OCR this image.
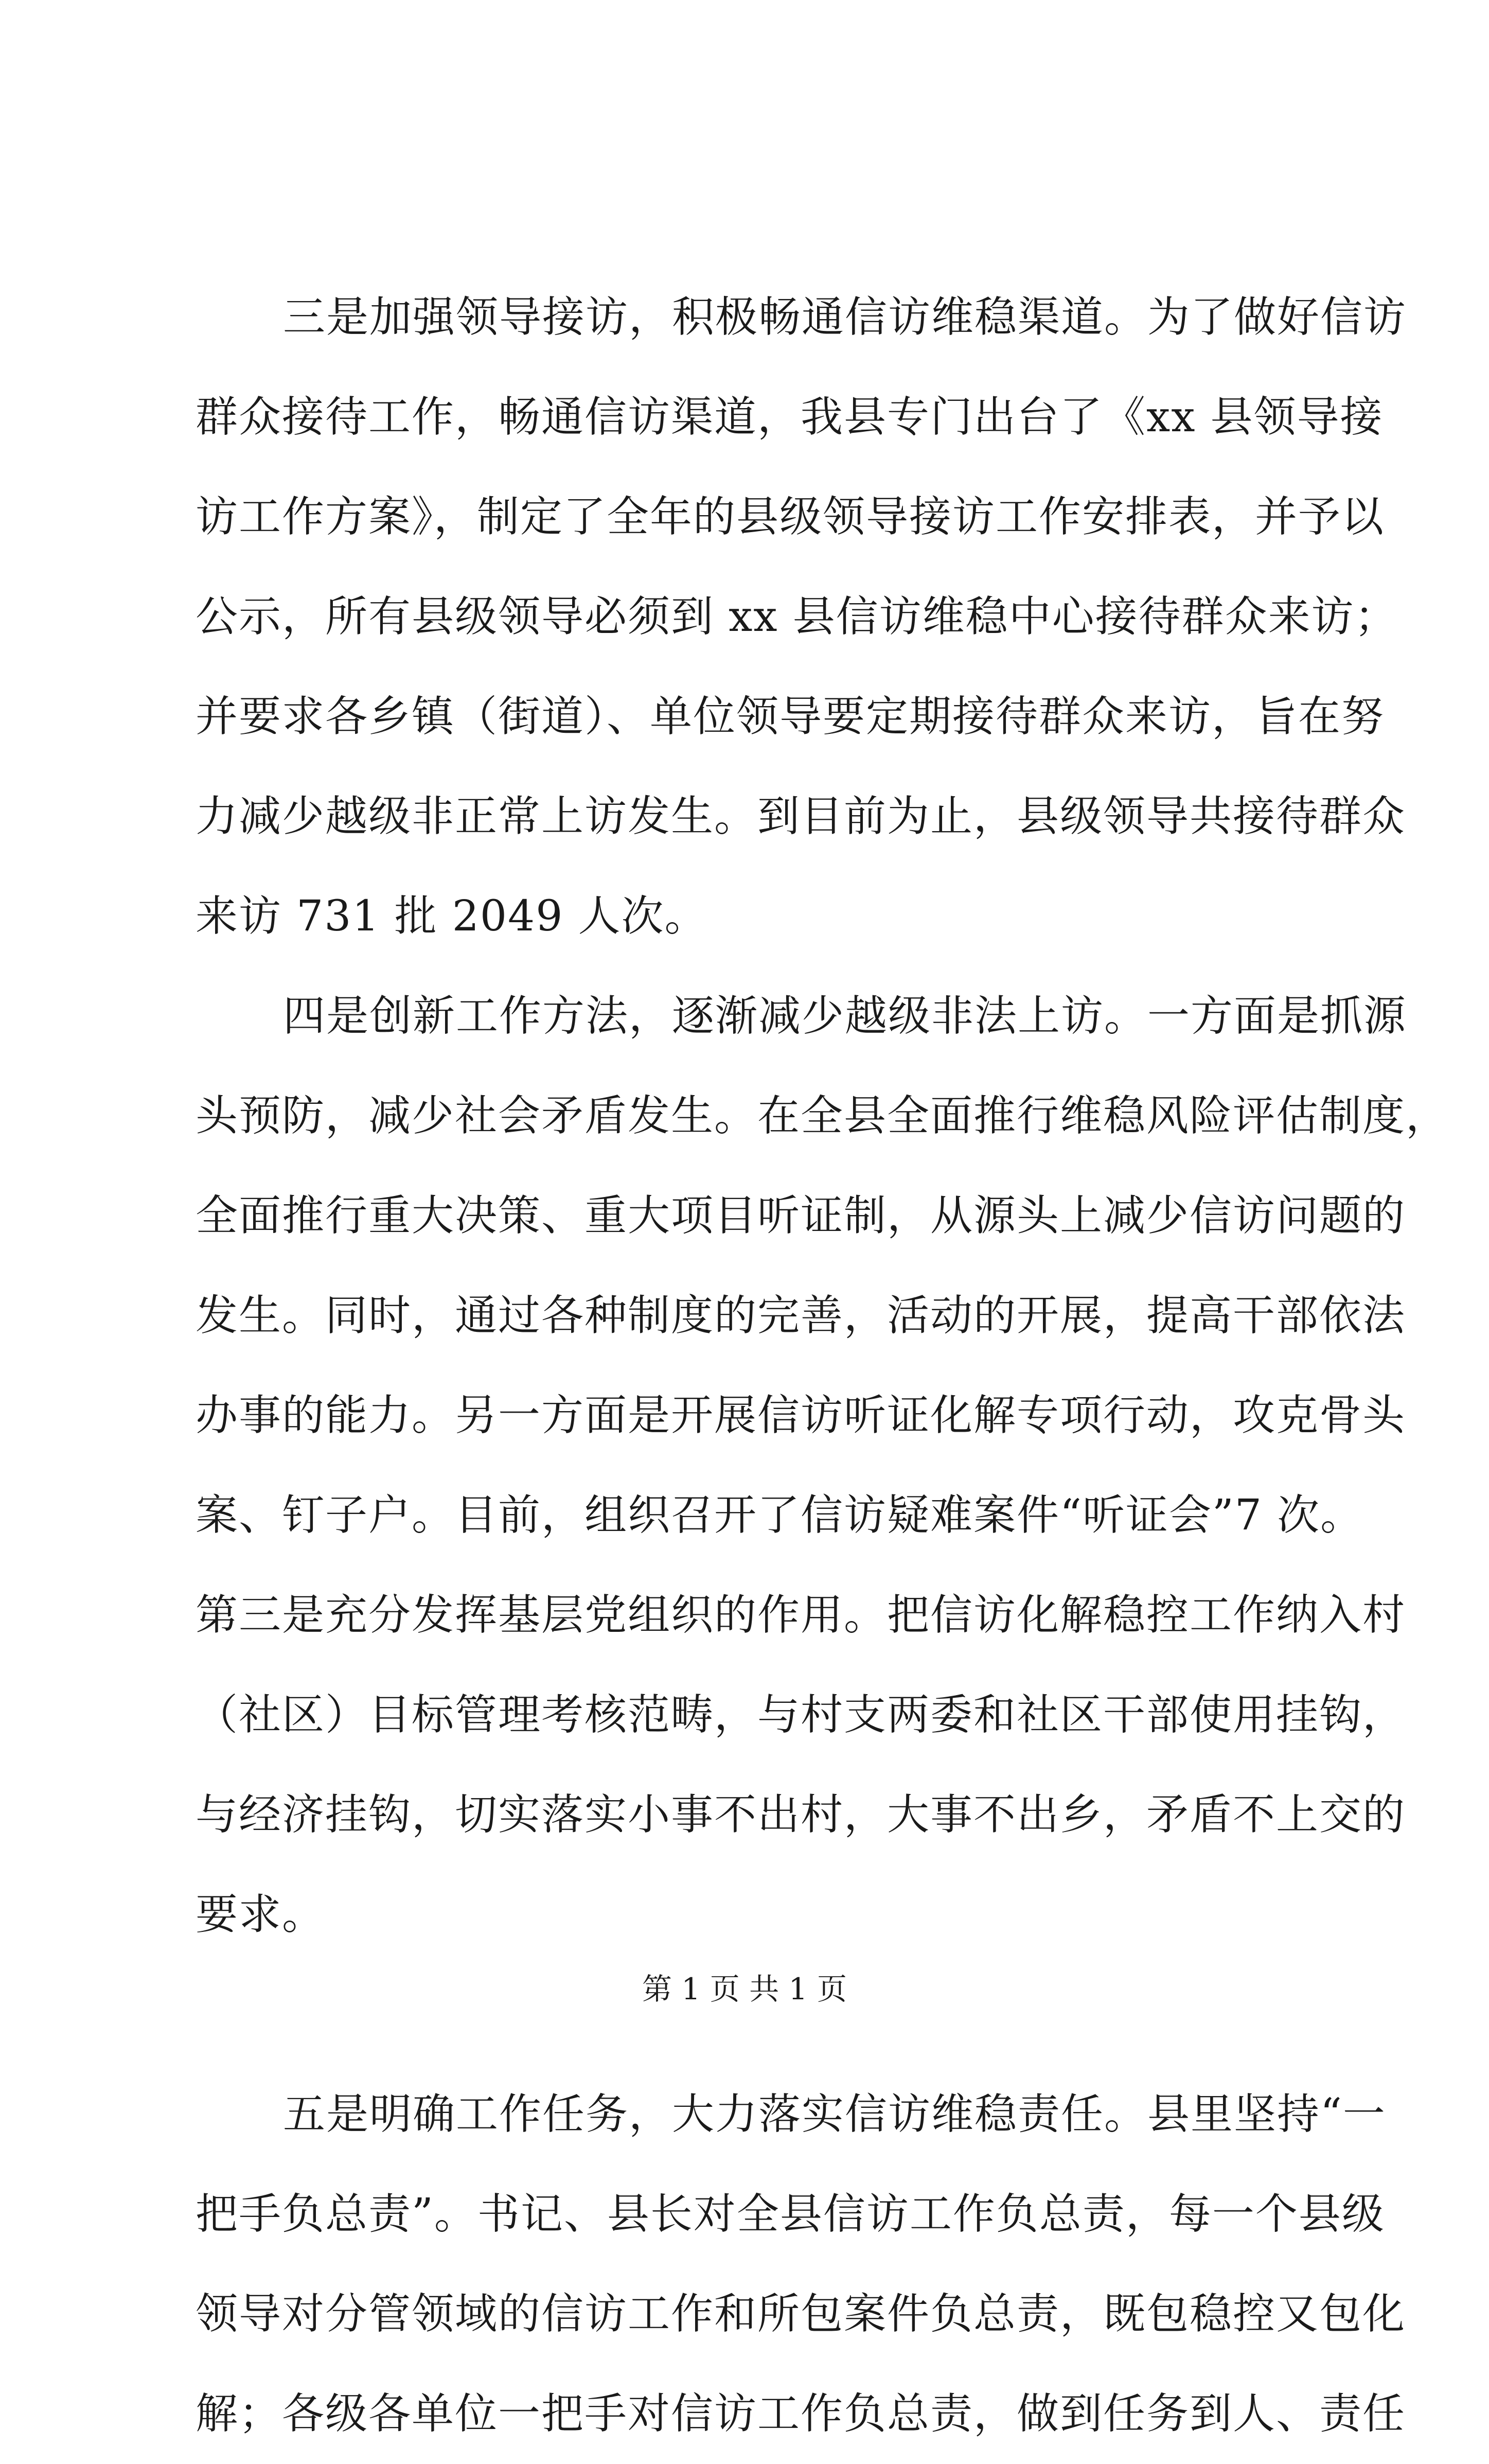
三是加强领导接访，积极畅通信访维稳渠道。为了做好信访
群众接待工作，畅通信访渠道，我县专门出台了《xx 县领导接
访工作方案》，制定了全年的县级领导接访工作安排表，并予以
公示，所有县级领导必须到 xx 县信访维稳中心接待群众来访；
并要求各乡镇（街道）、单位领导要定期接待群众来访，旨在努
力减少越级非正常上访发生。到目前为止，县级领导共接待群众
来访 731 批 2049 人次。
四是创新工作方法，逐渐减少越级非法上访。一方面是抓源
头预防，减少社会矛盾发生。在全县全面推行维稳风险评估制度，
全面推行重大决策、重大项目听证制，从源头上减少信访问题的
发生。同时，通过各种制度的完善，活动的开展，提高干部依法
办事的能力。另一方面是开展信访听证化解专项行动，攻克骨头
案、钉子户。目前，组织召开了信访疑难案件“听证会”7 次。
第三是充分发挥基层党组织的作用。把信访化解稳控工作纳入村
（社区）目标管理考核范畴，与村支两委和社区干部使用挂钩，
与经济挂钩，切实落实小事不出村，大事不出乡，矛盾不上交的
要求。
五是明确工作任务，大力落实信访维稳责任。县里坚持“一
把手负总责”。书记、县长对全县信访工作负总责，每一个县级
领导对分管领域的信访工作和所包案件负总责，既包稳控又包化
解；各级各单位一把手对信访工作负总责，做到任务到人、责任
第 1 页 共 1 页
